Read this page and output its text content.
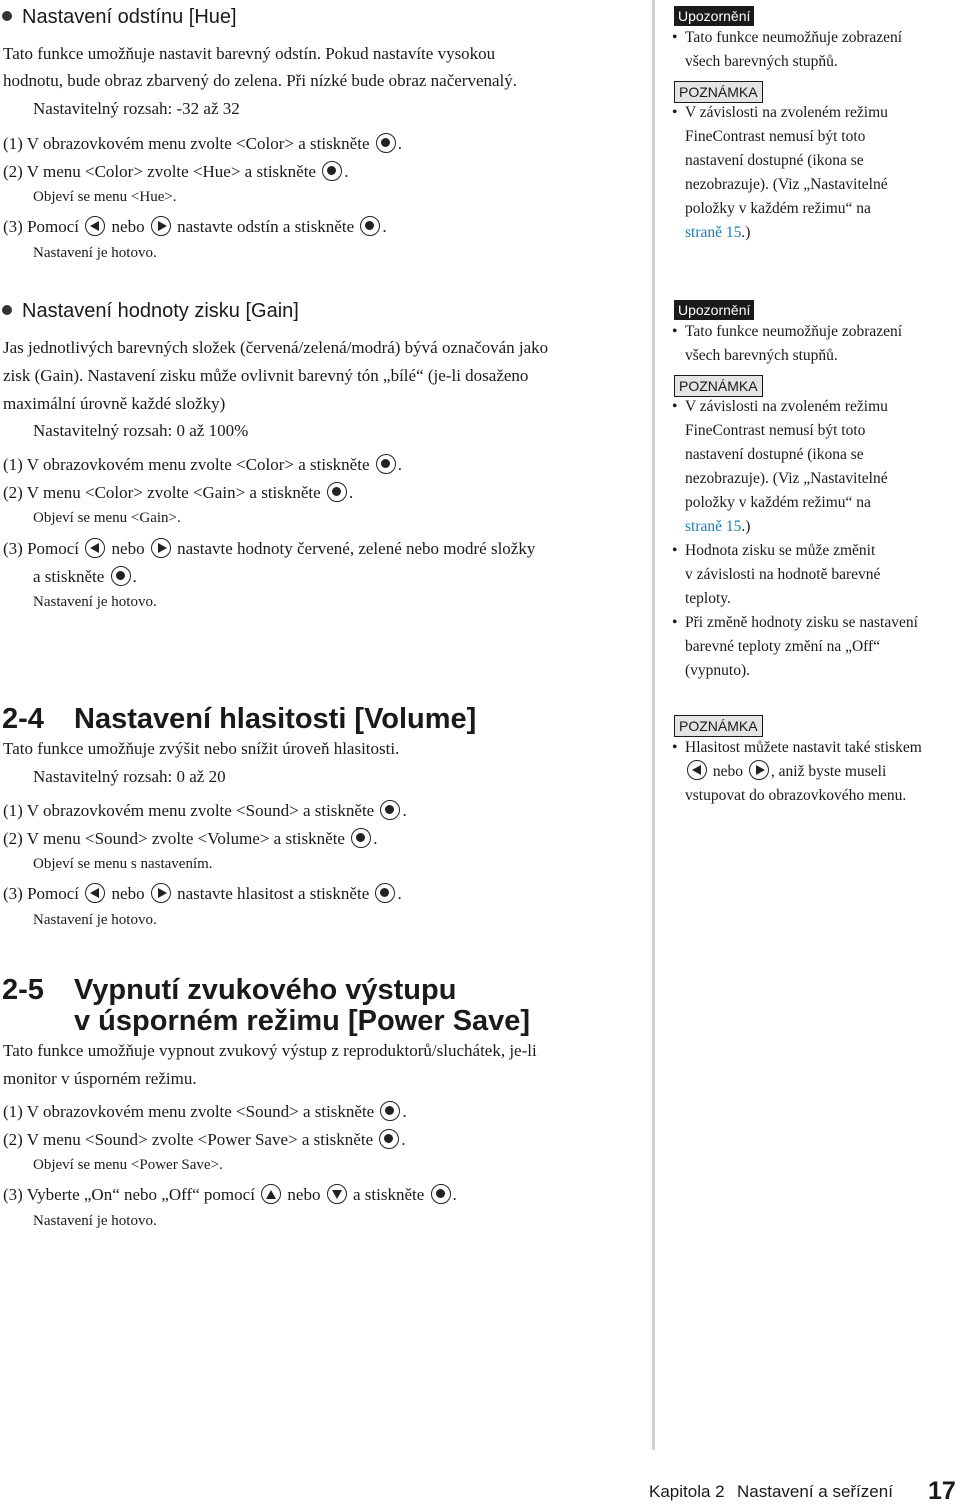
Nastavení odstínu [Hue]
Tato funkce umožňuje nastavit barevný odstín. Pokud nastavíte vysokou
hodnotu, bude obraz zbarvený do zelena. Při nízké bude obraz načervenalý.
Nastavitelný rozsah: -32 až 32
(1) V obrazovkovém menu zvolte <Color> a stiskněte .
(2) V menu <Color> zvolte <Hue> a stiskněte .
Objeví se menu <Hue>.
(3) Pomocí nebo nastavte odstín a stiskněte .
Nastavení je hotovo.
Nastavení hodnoty zisku [Gain]
Jas jednotlivých barevných složek (červená/zelená/modrá) bývá označován jako
zisk (Gain). Nastavení zisku může ovlivnit barevný tón „bílé“ (je-li dosaženo
maximální úrovně každé složky)
Nastavitelný rozsah: 0 až 100%
(1) V obrazovkovém menu zvolte <Color> a stiskněte .
(2) V menu <Color> zvolte <Gain> a stiskněte .
Objeví se menu <Gain>.
(3) Pomocí nebo nastavte hodnoty červené, zelené nebo modré složky
a stiskněte .
Nastavení je hotovo.
2-4 Nastavení hlasitosti [Volume]
Tato funkce umožňuje zvýšit nebo snížit úroveň hlasitosti.
Nastavitelný rozsah: 0 až 20
(1) V obrazovkovém menu zvolte <Sound> a stiskněte .
(2) V menu <Sound> zvolte <Volume> a stiskněte .
Objeví se menu s nastavením.
(3) Pomocí nebo nastavte hlasitost a stiskněte .
Nastavení je hotovo.
2-5 Vypnutí zvukového výstupu
v úsporném režimu [Power Save]
Tato funkce umožňuje vypnout zvukový výstup z reproduktorů/sluchátek, je-li
monitor v úsporném režimu.
(1) V obrazovkovém menu zvolte <Sound> a stiskněte .
(2) V menu <Sound> zvolte <Power Save> a stiskněte .
Objeví se menu <Power Save>.
(3) Vyberte „On“ nebo „Off“ pomocí nebo a stiskněte .
Nastavení je hotovo.
Upozornění
• Tato funkce neumožňuje zobrazení
všech barevných stupňů.
POZNÁMKA
• V závislosti na zvoleném režimu
FineContrast nemusí být toto
nastavení dostupné (ikona se
nezobrazuje). (Viz „Nastavitelné
položky v každém režimu“ na
straně 15.)
Upozornění
• Tato funkce neumožňuje zobrazení
všech barevných stupňů.
POZNÁMKA
• V závislosti na zvoleném režimu
FineContrast nemusí být toto
nastavení dostupné (ikona se
nezobrazuje). (Viz „Nastavitelné
položky v každém režimu“ na
straně 15.)
• Hodnota zisku se může změnit
v závislosti na hodnotě barevné
teploty.
• Při změně hodnoty zisku se nastavení
barevné teploty změní na „Off“
(vypnuto).
POZNÁMKA
• Hlasitost můžete nastavit také stiskem
nebo , aniž byste museli
vstupovat do obrazovkového menu.
Kapitola 2 Nastavení a seřízení 17
